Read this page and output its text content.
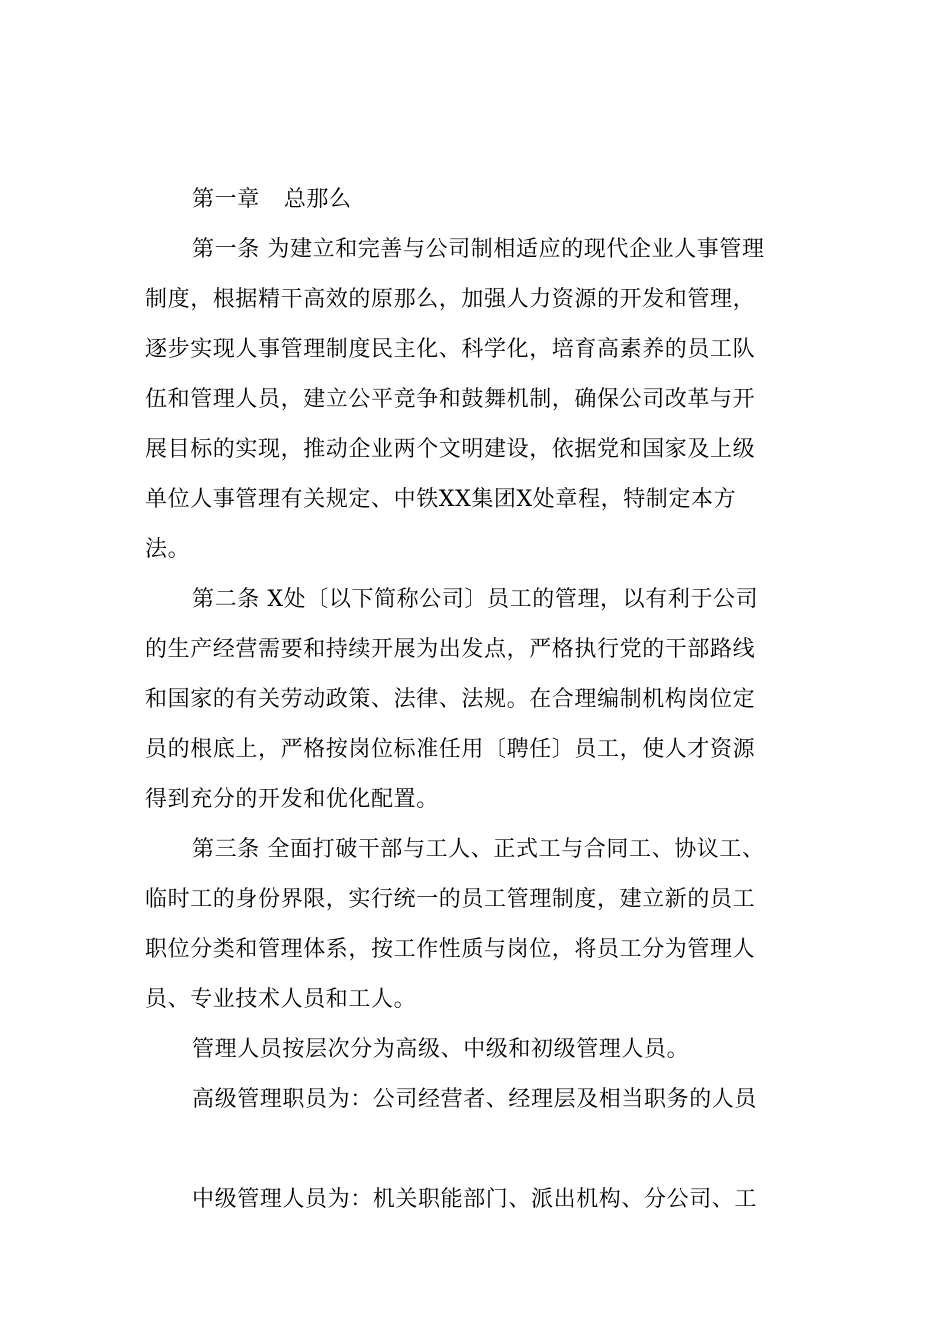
第一章 总那么
第一条 为建立和完善与公司制相适应的现代企业人事管理
制度，根据精干高效的原那么，加强人力资源的开发和管理，
逐步实现人事管理制度民主化、科学化，培育高素养的员工队
伍和管理人员，建立公平竞争和鼓舞机制，确保公司改革与开
展目标的实现，推动企业两个文明建设，依据党和国家及上级
单位人事管理有关规定、中铁XX集团X处章程，特制定本方
法。
第二条 X处〔以下简称公司〕员工的管理，以有利于公司
的生产经营需要和持续开展为出发点，严格执行党的干部路线
和国家的有关劳动政策、法律、法规。在合理编制机构岗位定
员的根底上，严格按岗位标准任用〔聘任〕员工，使人才资源
得到充分的开发和优化配置。
第三条 全面打破干部与工人、正式工与合同工、协议工、
临时工的身份界限，实行统一的员工管理制度，建立新的员工
职位分类和管理体系，按工作性质与岗位，将员工分为管理人
员、专业技术人员和工人。
管理人员按层次分为高级、中级和初级管理人员。
高级管理职员为：公司经营者、经理层及相当职务的人员
中级管理人员为：机关职能部门、派出机构、分公司、工
